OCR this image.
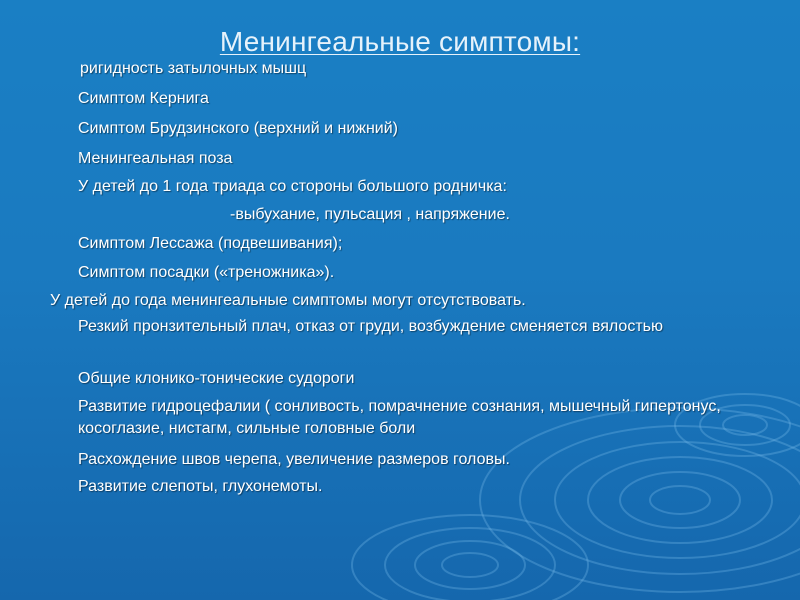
Менингеальные симптомы:
ригидность затылочных мышц
Симптом Кернига
Симптом Брудзинского (верхний и нижний)
Менингеальная поза
У детей до 1 года триада со стороны большого родничка:
-выбухание, пульсация , напряжение.
Симптом Лессажа (подвешивания);
Симптом посадки («треножника»).
У детей до года менингеальные симптомы могут отсутствовать.
Резкий пронзительный плач, отказ от груди, возбуждение сменяется вялостью
Общие клонико-тонические судороги
Развитие гидроцефалии ( сонливость, помрачнение сознания, мышечный гипертонус, косоглазие, нистагм, сильные головные боли
Расхождение швов черепа, увеличение размеров головы.
Развитие слепоты, глухонемоты.
